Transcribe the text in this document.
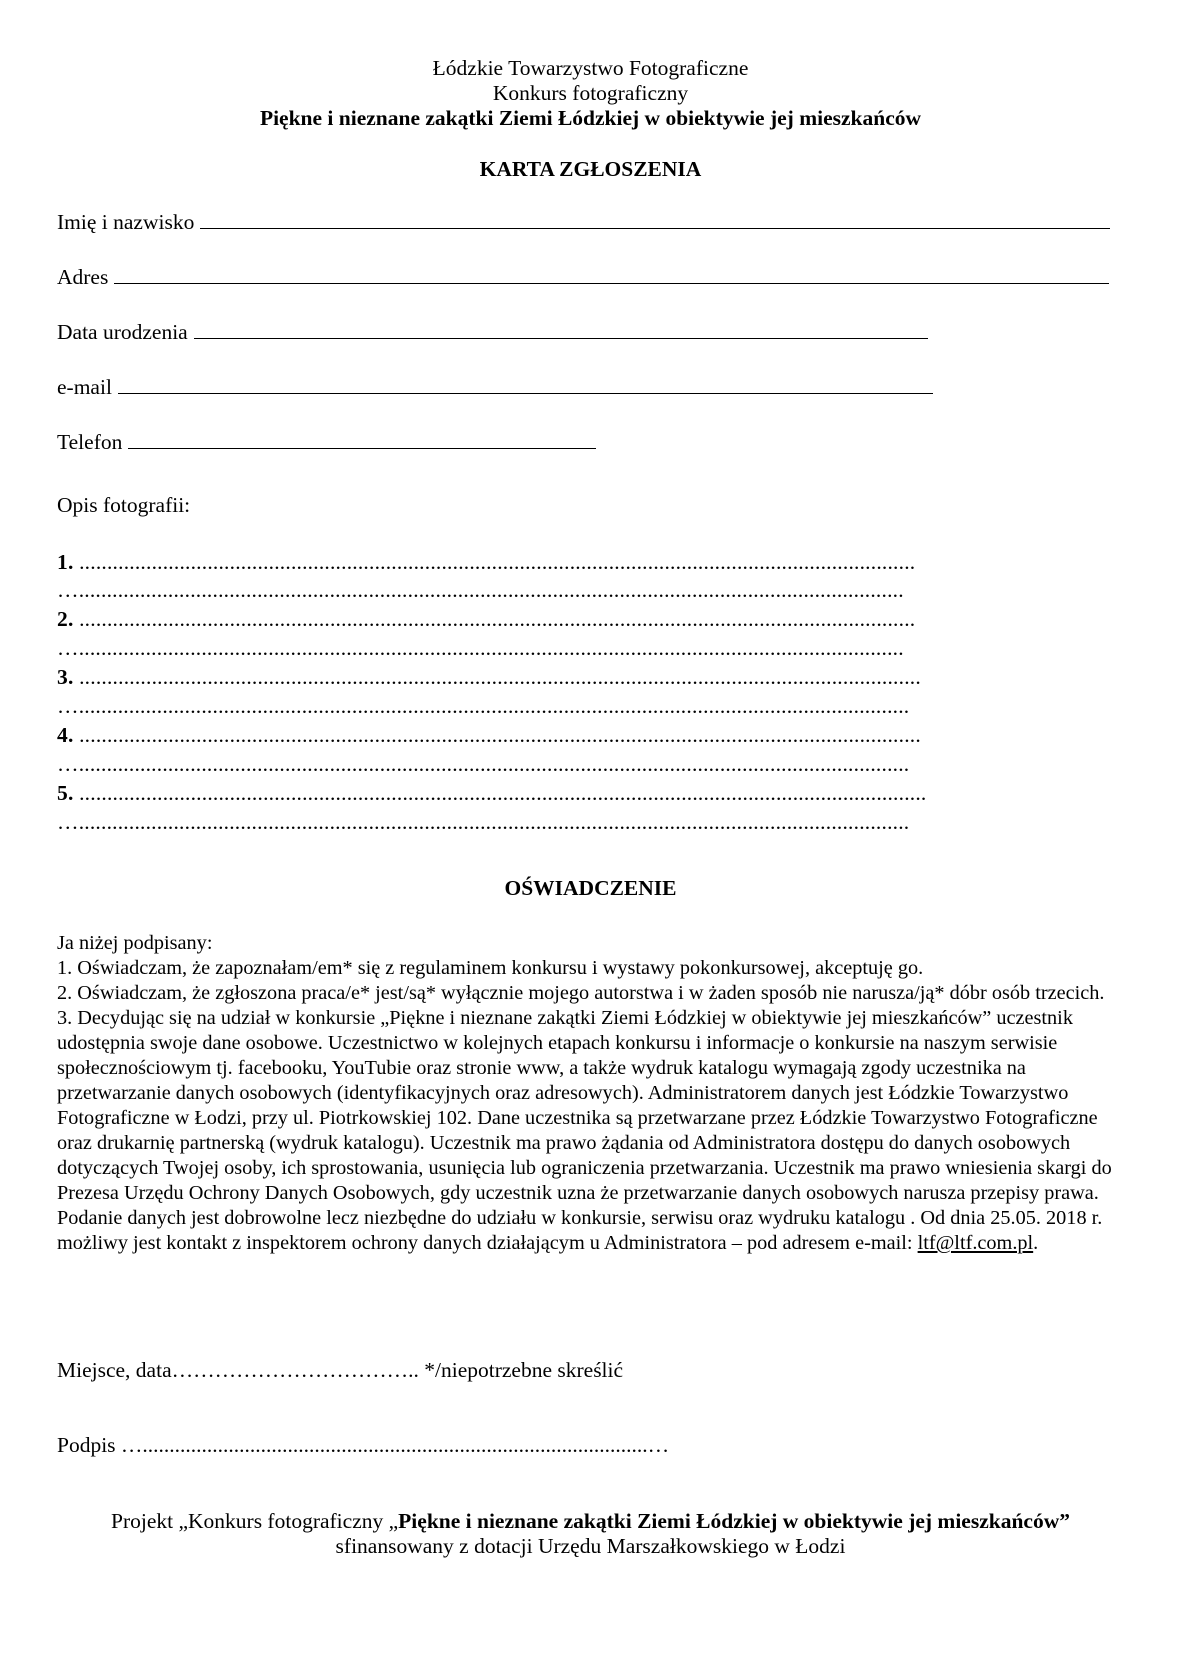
Łódzkie Towarzystwo Fotograficzne
Konkurs fotograficzny
Piękne i nieznane zakątki Ziemi Łódzkiej w obiektywie jej mieszkańców
KARTA ZGŁOSZENIA
Imię i nazwisko
Adres
Data urodzenia
e-mail
Telefon
Opis fotografii:
1. ......................................................................................................................................................
…....................................................................................................................................................
2. ......................................................................................................................................................
…....................................................................................................................................................
3. .......................................................................................................................................................
….....................................................................................................................................................
4. .......................................................................................................................................................
….....................................................................................................................................................
5. ........................................................................................................................................................
….....................................................................................................................................................
OŚWIADCZENIE

Ja niżej podpisany:

1. Oświadczam, że zapoznałam/em* się z regulaminem konkursu i wystawy pokonkursowej, akceptuję go.

2. Oświadczam, że zgłoszona praca/e* jest/są* wyłącznie mojego autorstwa i w żaden sposób nie narusza/ją* dóbr osób trzecich.

3. Decydując się na udział w konkursie „Piękne i nieznane zakątki Ziemi Łódzkiej w obiektywie jej mieszkańców” uczestnik udostępnia swoje dane osobowe. Uczestnictwo w kolejnych etapach konkursu i informacje o konkursie na naszym serwisie społecznościowym tj. facebooku, YouTubie oraz stronie www, a także wydruk katalogu wymagają zgody uczestnika na przetwarzanie danych osobowych (identyfikacyjnych oraz adresowych). Administratorem danych jest Łódzkie Towarzystwo Fotograficzne w Łodzi, przy ul. Piotrkowskiej 102. Dane uczestnika są przetwarzane przez Łódzkie Towarzystwo Fotograficzne oraz drukarnię partnerską (wydruk katalogu). Uczestnik ma prawo żądania od Administratora dostępu do danych osobowych dotyczących Twojej osoby, ich sprostowania, usunięcia lub ograniczenia przetwarzania. Uczestnik ma prawo wniesienia skargi do Prezesa Urzędu Ochrony Danych Osobowych, gdy uczestnik uzna że przetwarzanie danych osobowych narusza przepisy prawa. Podanie danych jest dobrowolne lecz niezbędne do udziału w konkursie, serwisu oraz wydruku katalogu . Od dnia 25.05. 2018 r. możliwy jest kontakt z inspektorem ochrony danych działającym u Administratora – pod adresem e-mail: ltf@ltf.com.pl.

Miejsce, data…………………………….. */niepotrzebne skreślić
Podpis …..............................................................................................…
Projekt „Konkurs fotograficzny „Piękne i nieznane zakątki Ziemi Łódzkiej w obiektywie jej mieszkańców”
sfinansowany z dotacji Urzędu Marszałkowskiego w Łodzi
